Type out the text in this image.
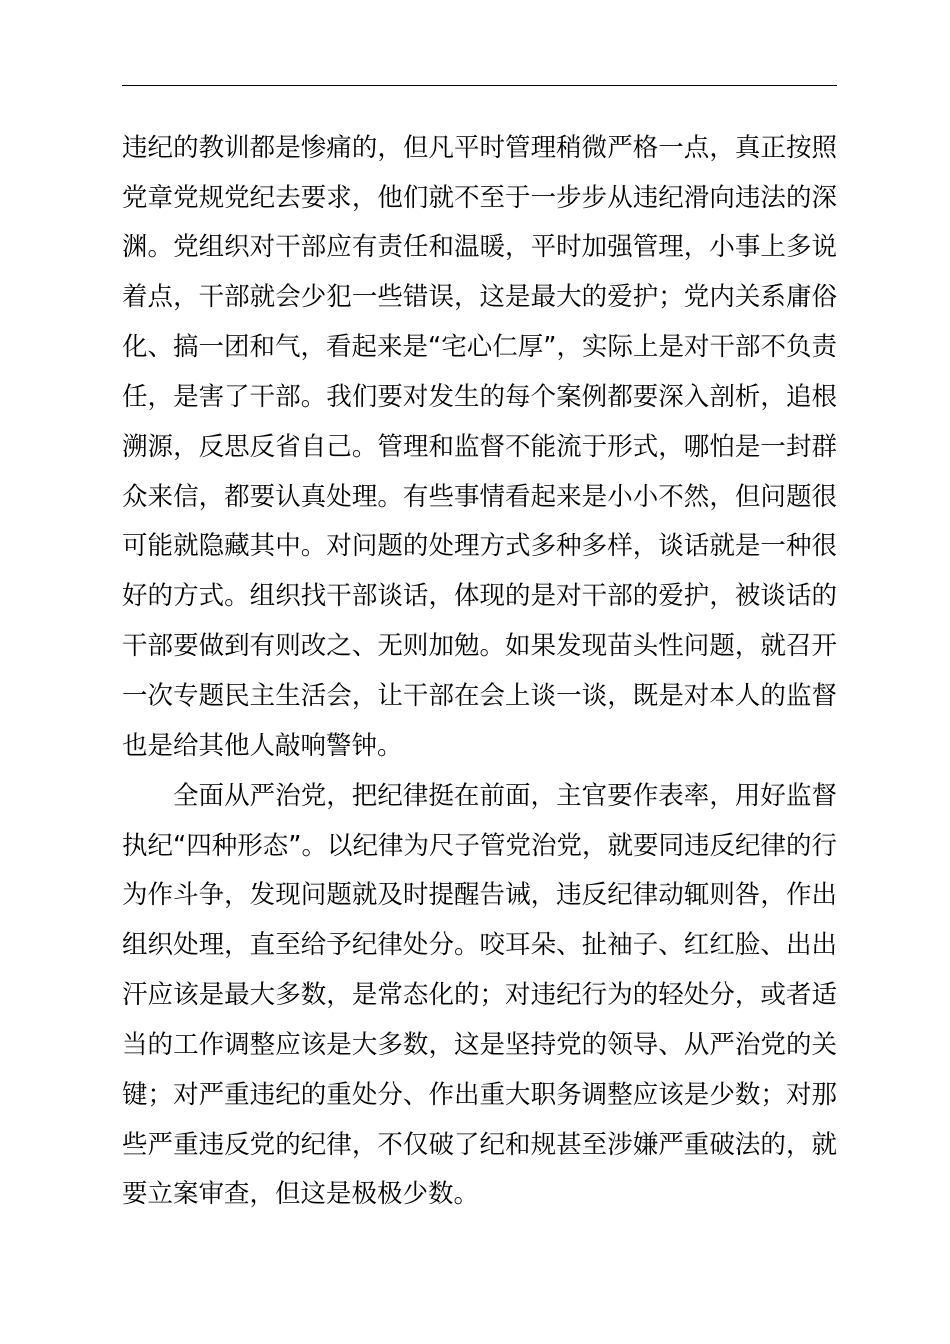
违纪的教训都是惨痛的，但凡平时管理稍微严格一点，真正按照
党章党规党纪去要求，他们就不至于一步步从违纪滑向违法的深
渊。党组织对干部应有责任和温暖，平时加强管理，小事上多说
着点，干部就会少犯一些错误，这是最大的爱护；党内关系庸俗
化、搞一团和气，看起来是“宅心仁厚”，实际上是对干部不负责
任，是害了干部。我们要对发生的每个案例都要深入剖析，追根
溯源，反思反省自己。管理和监督不能流于形式，哪怕是一封群
众来信，都要认真处理。有些事情看起来是小小不然，但问题很
可能就隐藏其中。对问题的处理方式多种多样，谈话就是一种很
好的方式。组织找干部谈话，体现的是对干部的爱护，被谈话的
干部要做到有则改之、无则加勉。如果发现苗头性问题，就召开
一次专题民主生活会，让干部在会上谈一谈，既是对本人的监督
也是给其他人敲响警钟。
全面从严治党，把纪律挺在前面，主官要作表率，用好监督
执纪“四种形态”。以纪律为尺子管党治党，就要同违反纪律的行
为作斗争，发现问题就及时提醒告诫，违反纪律动辄则咎，作出
组织处理，直至给予纪律处分。咬耳朵、扯袖子、红红脸、出出
汗应该是最大多数，是常态化的；对违纪行为的轻处分，或者适
当的工作调整应该是大多数，这是坚持党的领导、从严治党的关
键；对严重违纪的重处分、作出重大职务调整应该是少数；对那
些严重违反党的纪律，不仅破了纪和规甚至涉嫌严重破法的，就
要立案审查，但这是极极少数。
